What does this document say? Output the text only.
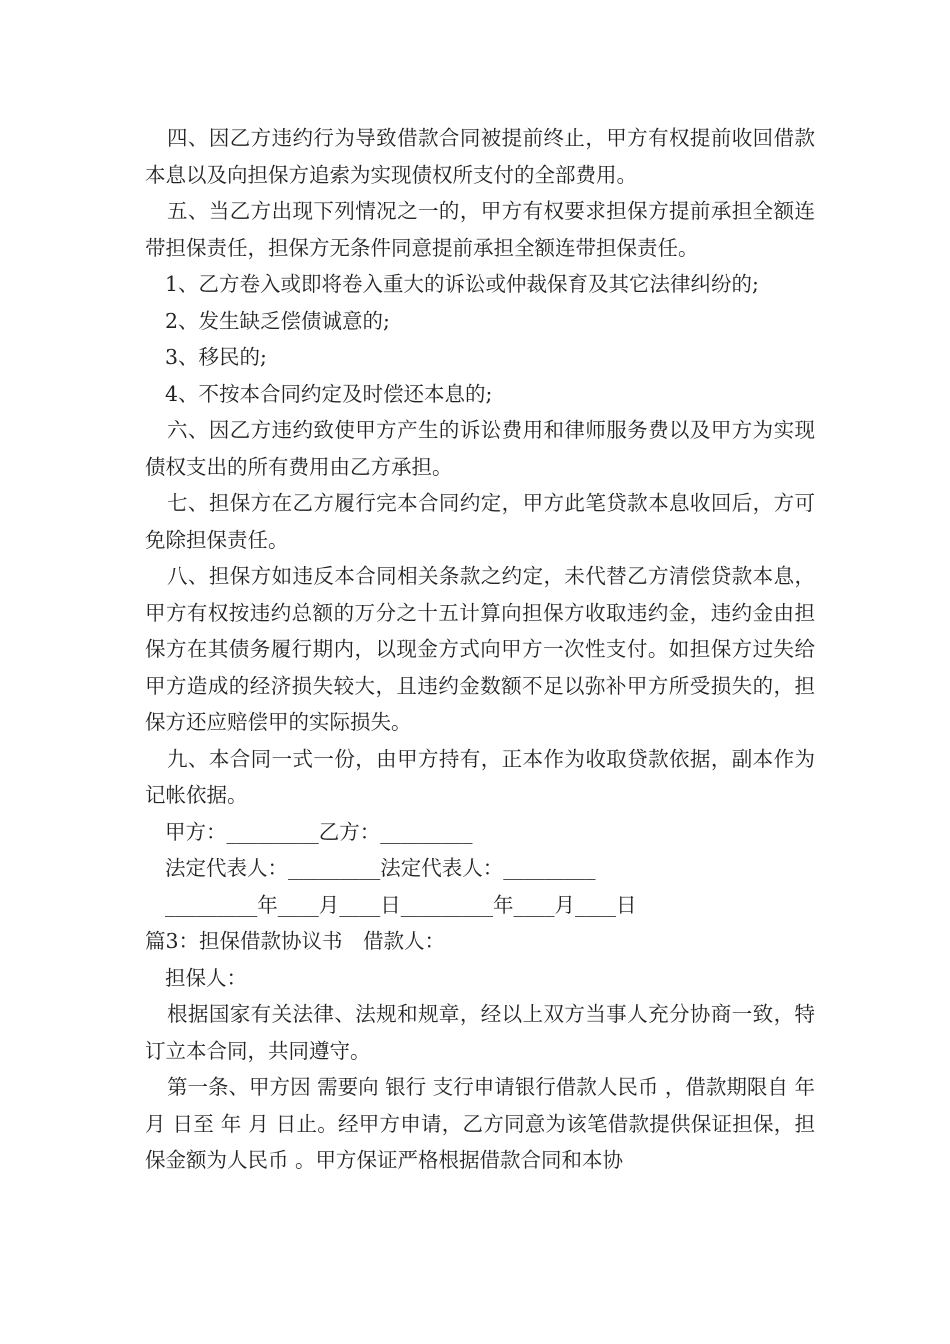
四、因乙方违约行为导致借款合同被提前终止，甲方有权提前收回借款本息以及向担保方追索为实现债权所支付的全部费用。

五、当乙方出现下列情况之一的，甲方有权要求担保方提前承担全额连带担保责任，担保方无条件同意提前承担全额连带担保责任。

1、乙方卷入或即将卷入重大的诉讼或仲裁保育及其它法律纠纷的;

2、发生缺乏偿债诚意的;

3、移民的;

4、不按本合同约定及时偿还本息的;

六、因乙方违约致使甲方产生的诉讼费用和律师服务费以及甲方为实现债权支出的所有费用由乙方承担。

七、担保方在乙方履行完本合同约定，甲方此笔贷款本息收回后，方可免除担保责任。

八、担保方如违反本合同相关条款之约定，未代替乙方清偿贷款本息，甲方有权按违约总额的万分之十五计算向担保方收取违约金，违约金由担保方在其债务履行期内，以现金方式向甲方一次性支付。如担保方过失给甲方造成的经济损失较大，且违约金数额不足以弥补甲方所受损失的，担保方还应赔偿甲的实际损失。

九、本合同一式一份，由甲方持有，正本作为收取贷款依据，副本作为记帐依据。

甲方：_________乙方：_________

法定代表人：_________法定代表人：_________

_________年____月____日_________年____月____日

篇3：担保借款协议书　借款人：

担保人：

根据国家有关法律、法规和规章，经以上双方当事人充分协商一致，特订立本合同，共同遵守。

第一条、甲方因 需要向 银行 支行申请银行借款人民币 ，借款期限自 年 月 日至 年 月 日止。经甲方申请，乙方同意为该笔借款提供保证担保，担保金额为人民币 。甲方保证严格根据借款合同和本协
